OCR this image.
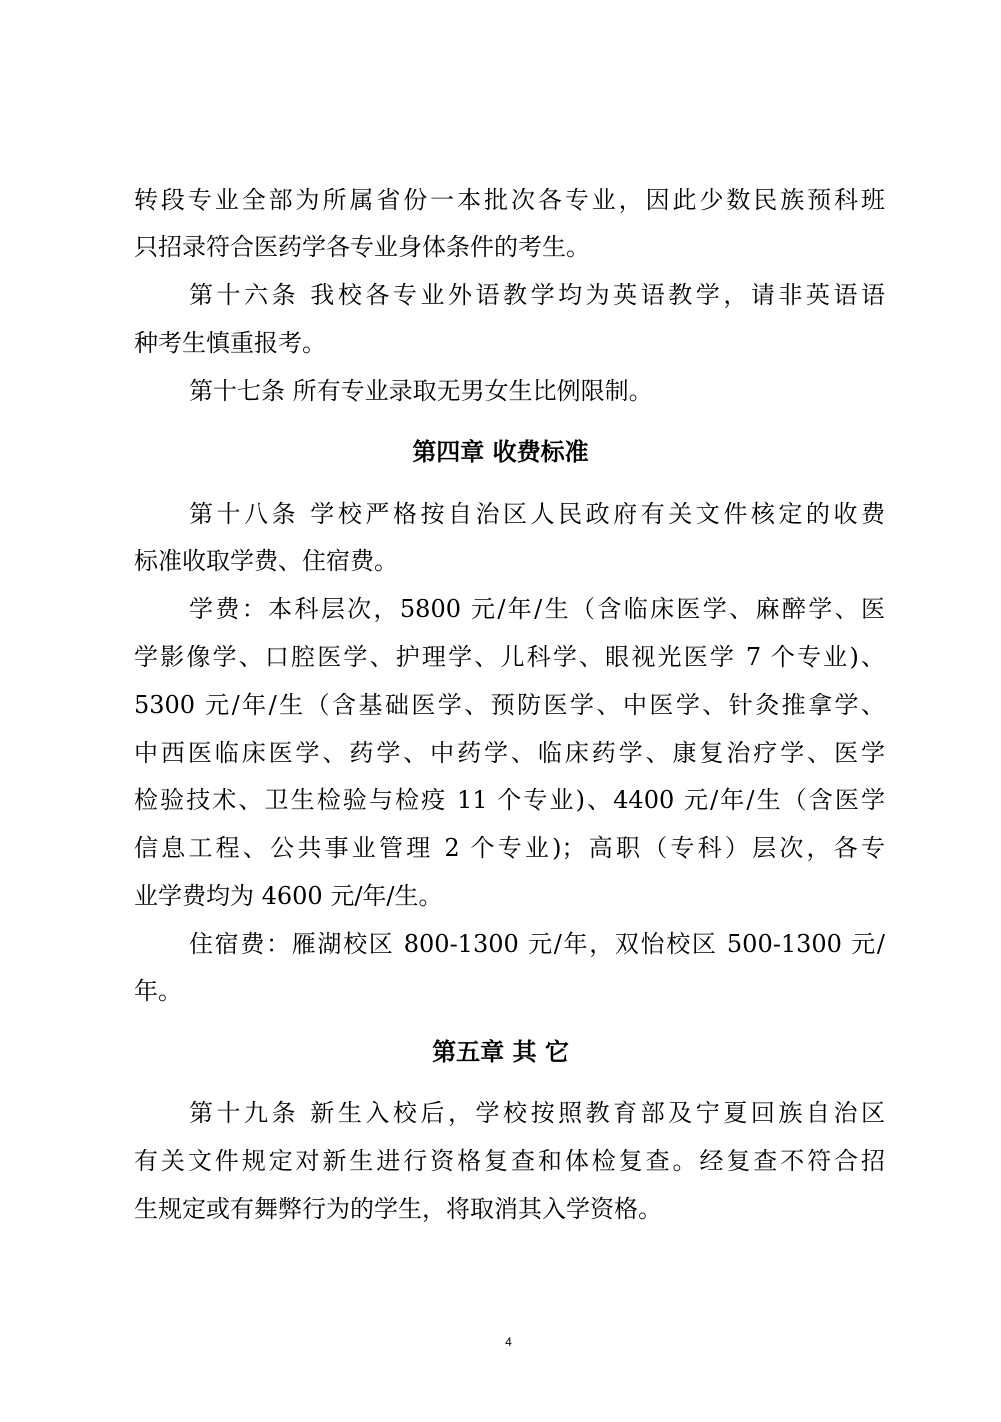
转段专业全部为所属省份一本批次各专业，因此少数民族预科班
只招录符合医药学各专业身体条件的考生。
第十六条 我校各专业外语教学均为英语教学，请非英语语
种考生慎重报考。
第十七条 所有专业录取无男女生比例限制。
第四章 收费标准
第十八条 学校严格按自治区人民政府有关文件核定的收费
标准收取学费、住宿费。
学费：本科层次，5800 元/年/生（含临床医学、麻醉学、医
学影像学、口腔医学、护理学、儿科学、眼视光医学 7 个专业)、
5300 元/年/生（含基础医学、预防医学、中医学、针灸推拿学、
中西医临床医学、药学、中药学、临床药学、康复治疗学、医学
检验技术、卫生检验与检疫 11 个专业)、4400 元/年/生（含医学
信息工程、公共事业管理 2 个专业)；高职（专科）层次，各专
业学费均为 4600 元/年/生。
住宿费：雁湖校区 800-1300 元/年，双怡校区 500-1300 元/
年。
第五章 其 它
第十九条 新生入校后，学校按照教育部及宁夏回族自治区
有关文件规定对新生进行资格复查和体检复查。经复查不符合招
生规定或有舞弊行为的学生，将取消其入学资格。
4
